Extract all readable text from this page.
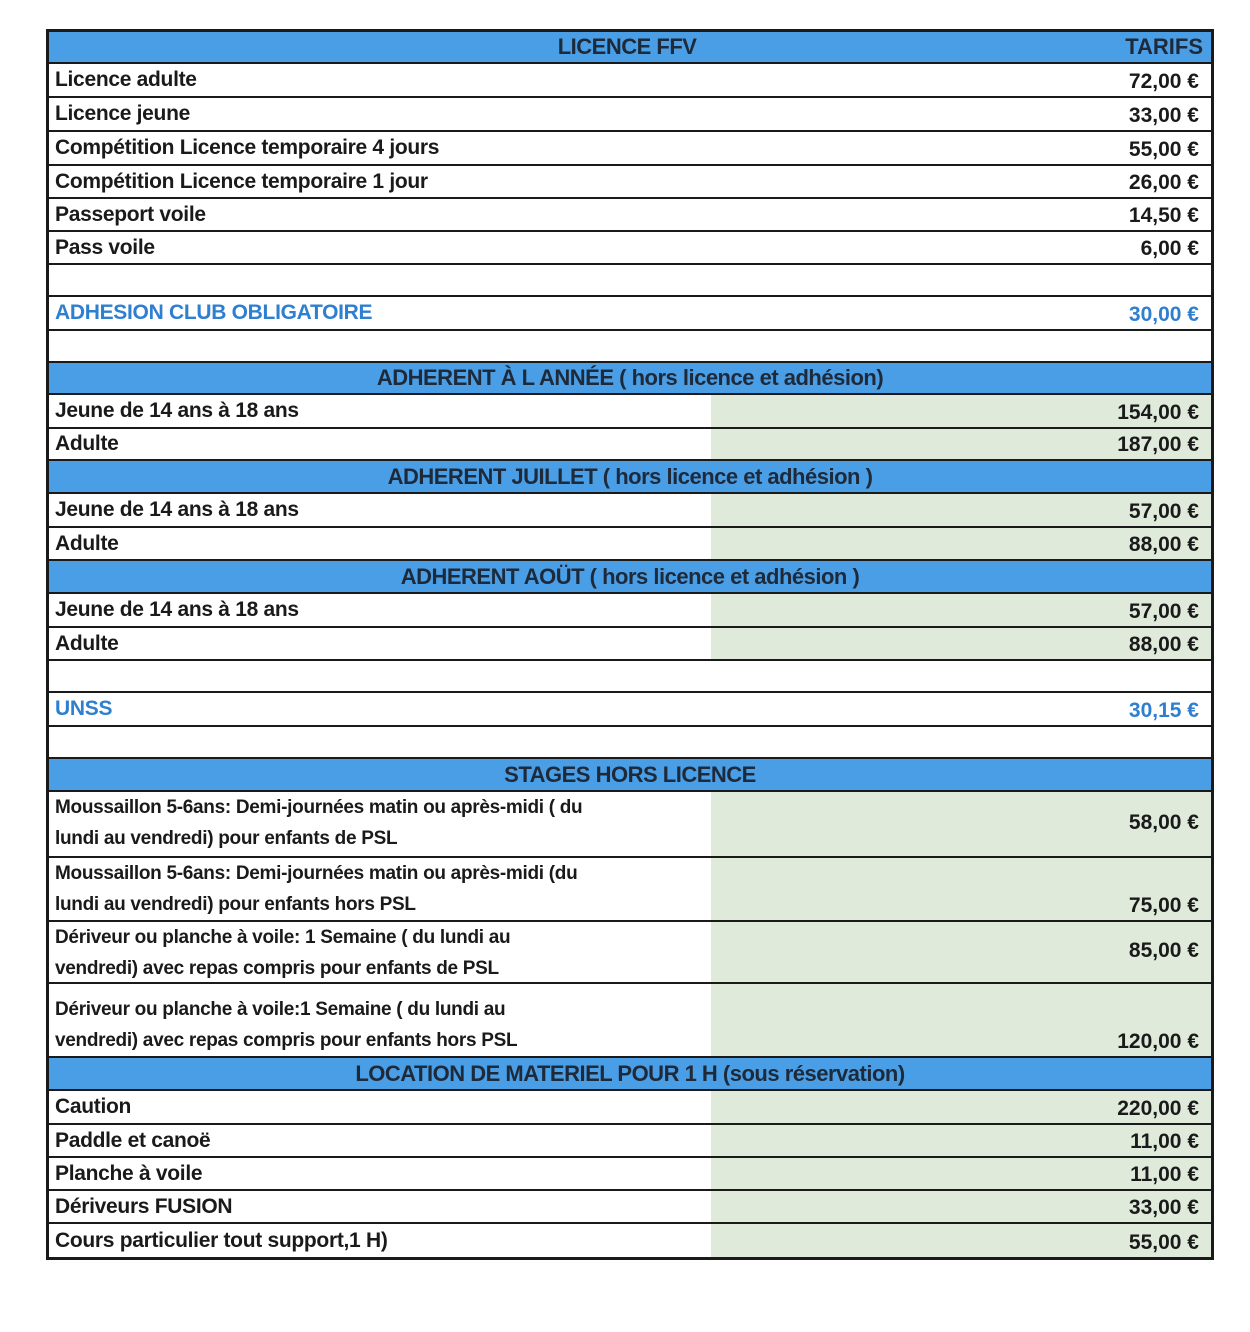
LICENCE FFV	TARIFS
Licence adulte	72,00 €
Licence jeune	33,00 €
Compétition Licence temporaire 4 jours	55,00 €
Compétition Licence temporaire 1 jour	26,00 €
Passeport voile	14,50 €
Pass voile	6,00 €
ADHESION CLUB OBLIGATOIRE	30,00 €
ADHERENT À L ANNÉE ( hors licence et adhésion)
Jeune de 14 ans à 18 ans	154,00 €
Adulte	187,00 €
ADHERENT JUILLET ( hors licence et adhésion )
Jeune de 14 ans à 18 ans	57,00 €
Adulte	88,00 €
ADHERENT AOÜT ( hors licence et adhésion )
Jeune de 14 ans à 18 ans	57,00 €
Adulte	88,00 €
UNSS	30,15 €
STAGES HORS LICENCE
Moussaillon 5-6ans: Demi-journées matin ou après-midi ( du
lundi au vendredi) pour enfants de PSL
58,00 €
Moussaillon 5-6ans: Demi-journées matin ou après-midi (du
lundi au vendredi) pour enfants hors PSL	75,00 €
Dériveur ou planche à voile: 1 Semaine ( du lundi au
vendredi) avec repas compris pour enfants de PSL
85,00 €
Dériveur ou planche à voile:1 Semaine ( du lundi au
vendredi) avec repas compris pour enfants hors PSL	120,00 €
LOCATION DE MATERIEL POUR 1 H (sous réservation)
Caution	220,00 €
Paddle et canoë	11,00 €
Planche à voile	11,00 €
Dériveurs FUSION	33,00 €
Cours particulier tout support,1 H)	55,00 €
